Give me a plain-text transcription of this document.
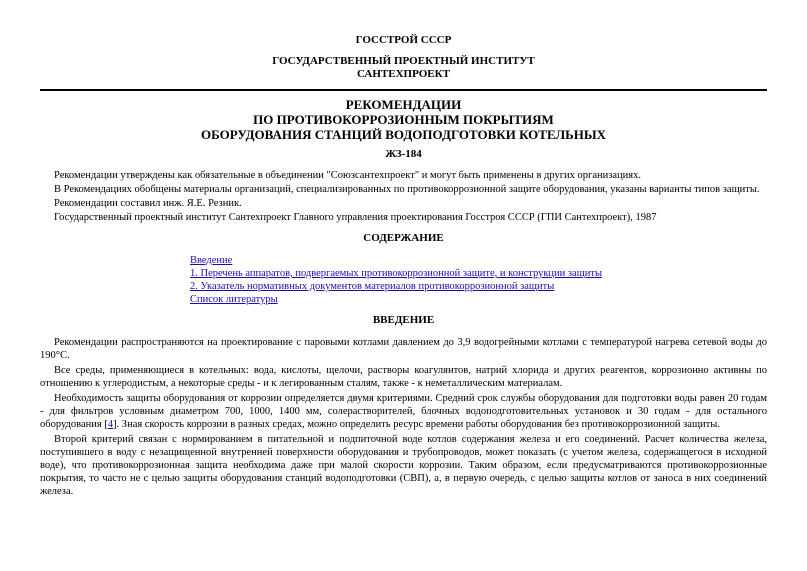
ГОССТРОЙ СССР
ГОСУДАРСТВЕННЫЙ ПРОЕКТНЫЙ ИНСТИТУТ
САНТЕХПРОЕКТ
РЕКОМЕНДАЦИИ
ПО ПРОТИВОКОРРОЗИОННЫМ ПОКРЫТИЯМ
ОБОРУДОВАНИЯ СТАНЦИЙ ВОДОПОДГОТОВКИ КОТЕЛЬНЫХ
ЖЗ-184

Рекомендации утверждены как обязательные в объединении "Союзсантехпроект" и могут быть применены в других организациях.

В Рекомендациях обобщены материалы организаций, специализированных по противокоррозионной защите оборудования, указаны варианты типов защиты.

Рекомендации составил инж. Я.Е. Резник.

Государственный проектный институт Сантехпроект Главного управления проектирования Госстроя СССР (ГПИ Сантехпроект), 1987

СОДЕРЖАНИЕ
Введение
1. Перечень аппаратов, подвергаемых противокоррозионной защите, и конструкции защиты
2. Указатель нормативных документов материалов противокоррозионной защиты
Список литературы
ВВЕДЕНИЕ

Рекомендации распространяются на проектирование с паровыми котлами давлением до 3,9 водогрейными котлами с температурой нагрева сетевой воды до 190°С.

Все среды, применяющиеся в котельных: вода, кислоты, щелочи, растворы коагулянтов, натрий хлорида и других реагентов, коррозионно активны по отношению к углеродистым, а некоторые среды - и к легированным сталям, также - к неметаллическим материалам.

Необходимость защиты оборудования от коррозии определяется двумя критериями. Средний срок службы оборудования для подготовки воды равен 20 годам - для фильтров условным диаметром 700, 1000, 1400 мм, солерастворителей, блочных водоподготовительных установок и 30 годам - для остального оборудования [4]. Зная скорость коррозии в разных средах, можно определить ресурс времени работы оборудования без противокоррозионной защиты.

Второй критерий связан с нормированием в питательной и подпиточной воде котлов содержания железа и его соединений. Расчет количества железа, поступившего в воду с незащищенной внутренней поверхности оборудования и трубопроводов, может показать (с учетом железа, содержащегося в исходной воде), что противокоррозионная защита необходима даже при малой скорости коррозии. Таким образом, если предусматриваются противокоррозионные покрытия, то часто не с целью защиты оборудования станций водоподготовки (СВП), а, в первую очередь, с целью защиты котлов от заноса в них соединений железа.
